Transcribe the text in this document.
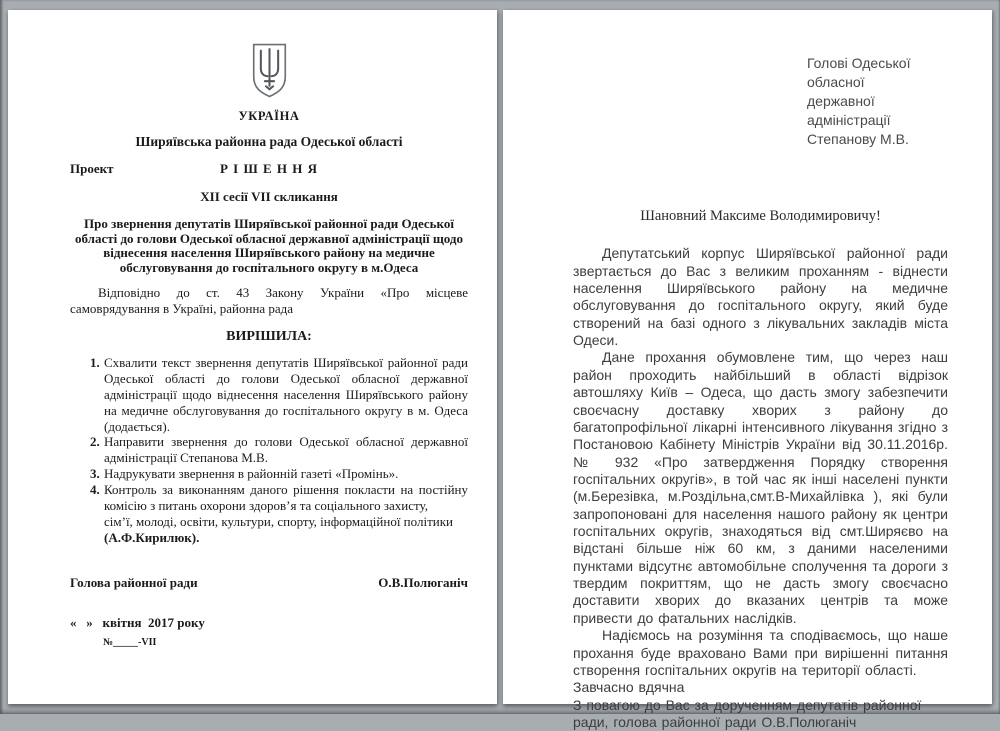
УКРАЇНА
Ширяївська районна рада Одеської області
Проект	Р І Ш Е Н Н Я
XII сесії VII скликання
Про звернення депутатів Ширяївської районної ради Одеської області до голови Одеської обласної державної адміністрації щодо віднесення населення Ширяївського району на медичне обслуговування до госпітального округу в м.Одеса
Відповідно до ст. 43 Закону України «Про місцеве самоврядування в Україні, районна рада
ВИРІШИЛА:
1. Схвалити текст звернення депутатів Ширяївської районної ради Одеської області до голови Одеської обласної державної адміністрації щодо віднесення населення Ширяївського району на медичне обслуговування до госпітального округу в м. Одеса (додається).
2. Направити звернення до голови Одеської обласної державної адміністрації Степанова М.В.
3. Надрукувати звернення в районній газеті «Промінь».
4. Контроль за виконанням даного рішення покласти на постійну комісію з питань охорони здоров’я та соціального захисту,
сім’ї, молоді, освіти, культури, спорту, інформаційної політики
(А.Ф.Кирилюк).
Голова районної ради	О.В.Полюганіч
«   »   квітня  2017 року
№_____-VII
Голові Одеської обласної
державної адміністрації
Степанову М.В.
Шановний Максиме Володимировичу!

Депутатський корпус Ширяївської районної ради звертається до Вас з великим проханням - віднести населення Ширяївського району на медичне обслуговування до госпітального округу, який буде створений на базі одного з лікувальних закладів міста Одеси.

Дане прохання обумовлене тим, що через наш район проходить найбільший в області відрізок автошляху Київ – Одеса, що дасть змогу забезпечити своєчасну доставку хворих з району до багатопрофільної лікарні інтенсивного лікування згідно з Постановою Кабінету Міністрів України від 30.11.2016р. № 932 «Про затвердження Порядку створення госпітальних округів», в той час як інші населені пункти (м.Березівка, м.Роздільна,смт.В-Михайлівка ), які були запропоновані для населення нашого району як центри госпітальних округів, знаходяться від смт.Ширяєво на відстані більше ніж 60 км, з даними населеними пунктами відсутнє автомобільне сполучення та дороги з твердим покриттям, що не дасть змогу своєчасно доставити хворих до вказаних центрів та може привести до фатальних наслідків.

Надіємось на розуміння та сподіваємось, що наше прохання буде враховано Вами при вирішенні питання створення госпітальних округів на території області.

Завчасно вдячна

З повагою до Вас за дорученням депутатів районної ради, голова районної ради О.В.Полюганіч
